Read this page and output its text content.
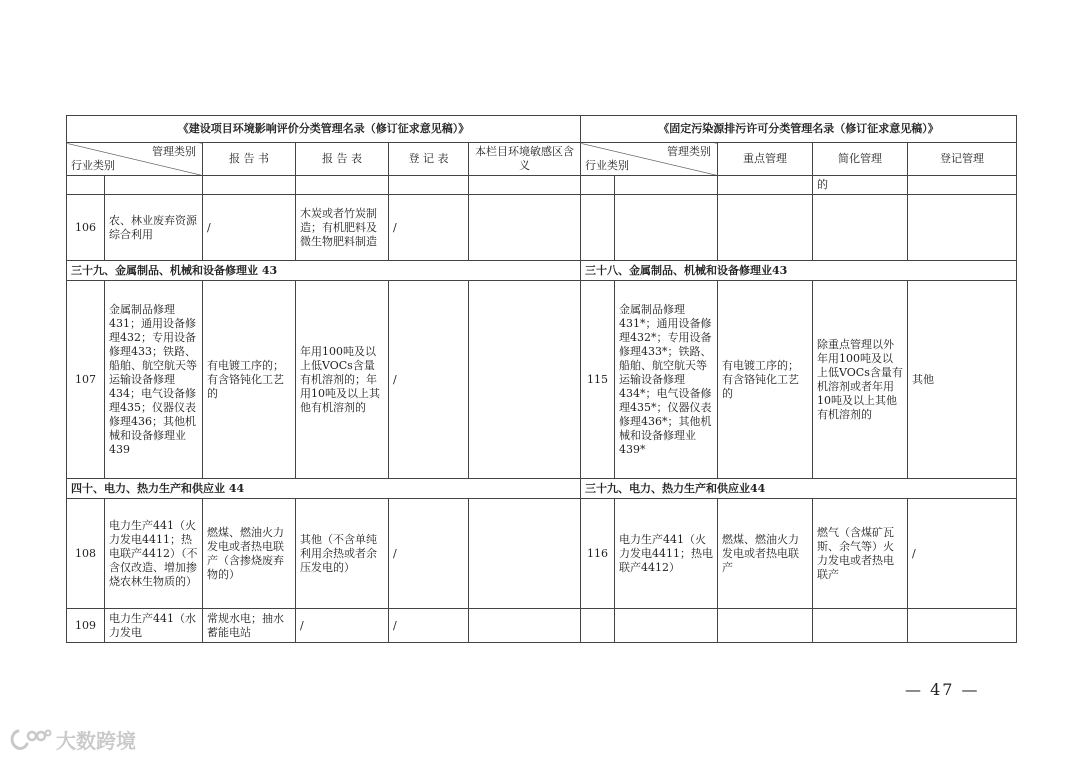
《建设项目环境影响评价分类管理名录（修订征求意见稿）》						《固定污染源排污许可分类管理名录（修订征求意见稿）》				

管理类别
行业类别		报 告 书	报 告 表	登 记 表	本栏目环境敏感区含义	管理类别
行业类别		重点管理	简化管理	登记管理
									的	
106	农、林业废弃资源综合利用	/	木炭或者竹炭制造；有机肥料及微生物肥料制造	/						
三十九、金属制品、机械和设备修理业 43						三十八、金属制品、机械和设备修理业43				
107	金属制品修理431；通用设备修理432；专用设备修理433；铁路、船舶、航空航天等运输设备修理434；电气设备修理435；仪器仪表修理436；其他机械和设备修理业439	有电镀工序的；有含铬钝化工艺的	年用100吨及以上低VOCs含量有机溶剂的；年用10吨及以上其他有机溶剂的	/		115	金属制品修理431*；通用设备修理432*；专用设备修理433*；铁路、船舶、航空航天等运输设备修理434*；电气设备修理435*；仪器仪表修理436*；其他机械和设备修理业439*	有电镀工序的；有含铬钝化工艺的	除重点管理以外年用100吨及以上低VOCs含量有机溶剂或者年用10吨及以上其他有机溶剂的	其他
四十、电力、热力生产和供应业 44						三十九、电力、热力生产和供应业44				
108	电力生产441（火力发电4411；热电联产4412）（不含仅改造、增加掺烧农林生物质的）	燃煤、燃油火力发电或者热电联产（含掺烧废弃物的）	其他（不含单纯利用余热或者余压发电的）	/		116	电力生产441（火力发电4411；热电联产4412）	燃煤、燃油火力发电或者热电联产	燃气（含煤矿瓦斯、余气等）火力发电或者热电联产	/
109	电力生产441（水力发电	常规水电；抽水蓄能电站	/	/						
— 47 —
大数跨境
